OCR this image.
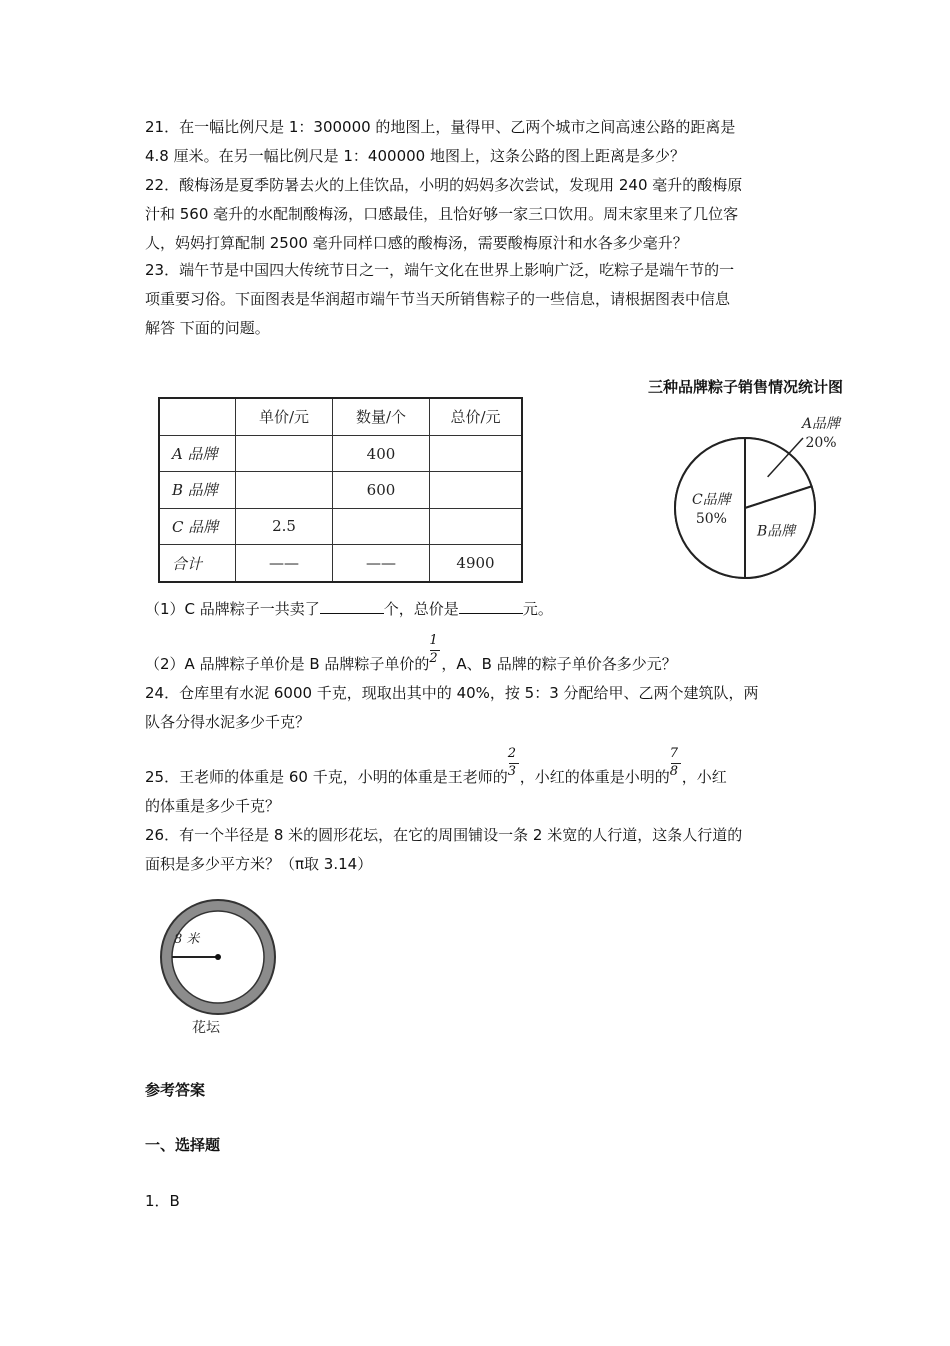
21．在一幅比例尺是 1：300000 的地图上，量得甲、乙两个城市之间高速公路的距离是
4.8 厘米。在另一幅比例尺是 1：400000 地图上，这条公路的图上距离是多少？
22．酸梅汤是夏季防暑去火的上佳饮品，小明的妈妈多次尝试，发现用 240 毫升的酸梅原
汁和 560 毫升的水配制酸梅汤，口感最佳，且恰好够一家三口饮用。周末家里来了几位客
人，妈妈打算配制 2500 毫升同样口感的酸梅汤，需要酸梅原汁和水各多少毫升？
23．端午节是中国四大传统节日之一，端午文化在世界上影响广泛，吃粽子是端午节的一
项重要习俗。下面图表是华润超市端午节当天所销售粽子的一些信息，请根据图表中信息
解答 下面的问题。
	单价/元	数量/个	总价/元
A 品牌		400	
B 品牌		600	
C 品牌	2.5		
合计	——	——	4900
三种品牌粽子销售情况统计图
A品牌
20%
B品牌
C品牌
50%
（1）C 品牌粽子一共卖了	个，总价是	元。
（2）A 品牌粽子单价是 B 品牌粽子单价的 $\frac{1}{2}$ ，A、B 品牌的粽子单价各多少元？
24．仓库里有水泥 6000 千克，现取出其中的 40%，按 5：3 分配给甲、乙两个建筑队，两
队各分得水泥多少千克？
25．王老师的体重是 60 千克，小明的体重是王老师的 $\frac{2}{3}$ ，小红的体重是小明的 $\frac{7}{8}$ ，小红
的体重是多少千克？
26．有一个半径是 8 米的圆形花坛，在它的周围铺设一条 2 米宽的人行道，这条人行道的
面积是多少平方米？（π取 3.14）
8 米
花坛
参考答案
一、选择题
1．B
